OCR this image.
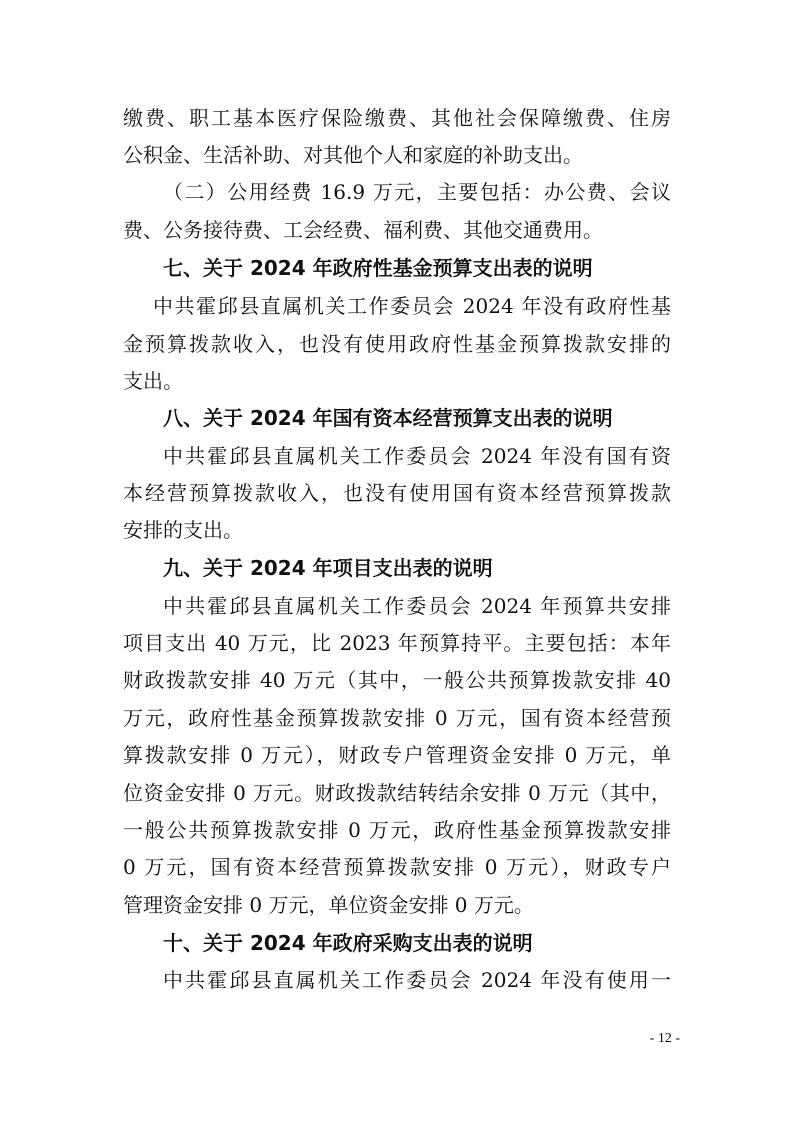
缴费、职工基本医疗保险缴费、其他社会保障缴费、住房
公积金、生活补助、对其他个人和家庭的补助支出。
（二）公用经费 16.9 万元，主要包括：办公费、会议
费、公务接待费、工会经费、福利费、其他交通费用。
七、关于 2024 年政府性基金预算支出表的说明
中共霍邱县直属机关工作委员会 2024 年没有政府性基
金预算拨款收入，也没有使用政府性基金预算拨款安排的
支出。
八、关于 2024 年国有资本经营预算支出表的说明
中共霍邱县直属机关工作委员会 2024 年没有国有资
本经营预算拨款收入，也没有使用国有资本经营预算拨款
安排的支出。
九、关于 2024 年项目支出表的说明
中共霍邱县直属机关工作委员会 2024 年预算共安排
项目支出 40 万元，比 2023 年预算持平。主要包括：本年
财政拨款安排 40 万元（其中，一般公共预算拨款安排 40
万元，政府性基金预算拨款安排 0 万元，国有资本经营预
算拨款安排 0 万元），财政专户管理资金安排 0 万元，单
位资金安排 0 万元。财政拨款结转结余安排 0 万元（其中，
一般公共预算拨款安排 0 万元，政府性基金预算拨款安排
0 万元，国有资本经营预算拨款安排 0 万元），财政专户
管理资金安排 0 万元，单位资金安排 0 万元。
十、关于 2024 年政府采购支出表的说明
中共霍邱县直属机关工作委员会 2024 年没有使用一
- 12 -
